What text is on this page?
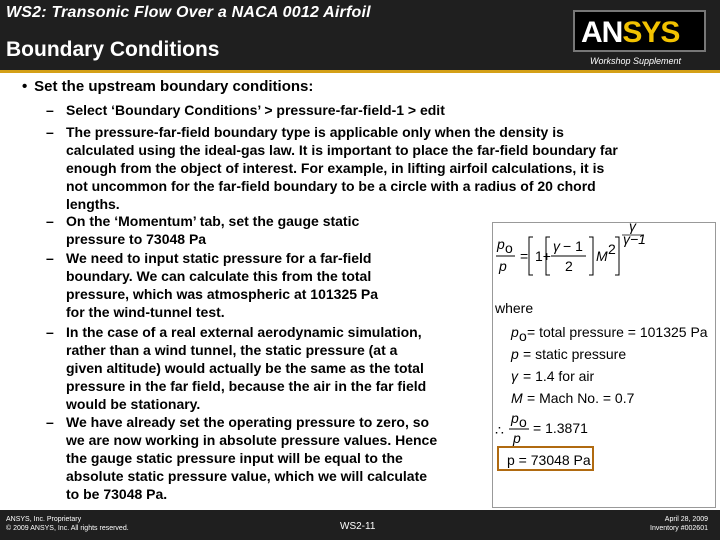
WS2: Transonic Flow Over a NACA 0012 Airfoil
Boundary Conditions
ANSYS
Workshop Supplement
• Set the upstream boundary conditions:
– Select ‘Boundary Conditions’ > pressure-far-field-1 > edit
– The pressure-far-field boundary type is applicable only when the density is
calculated using the ideal-gas law. It is important to place the far-field boundary far
enough from the object of interest. For example, in lifting airfoil calculations, it is
not uncommon for the far-field boundary to be a circle with a radius of 20 chord
lengths.
– On the ‘Momentum’ tab, set the gauge static
pressure to 73048 Pa
– We need to input static pressure for a far-field
boundary. We can calculate this from the total
pressure, which was atmospheric at 101325 Pa
for the wind-tunnel test.
– In the case of a real external aerodynamic simulation,
rather than a wind tunnel, the static pressure (at a
given altitude) would actually be the same as the total
pressure in the far field, because the air in the far field
would be stationary.
– We have already set the operating pressure to zero, so
we are now working in absolute pressure values. Hence
the gauge static pressure input will be equal to the
absolute static pressure value, which we will calculate
to be 73048 Pa.
p o
p
= 1+
γ − 1
2
M 2
γ
γ−1
where
p o = total pressure = 101325 Pa
p = static pressure
γ = 1.4 for air
M = Mach No. = 0.7
∴
p o
p
= 1.3871
p = 73048 Pa
ANSYS, Inc. Proprietary
© 2009 ANSYS, Inc. All rights reserved.	WS2-11
April 28, 2009
Inventory #002601
